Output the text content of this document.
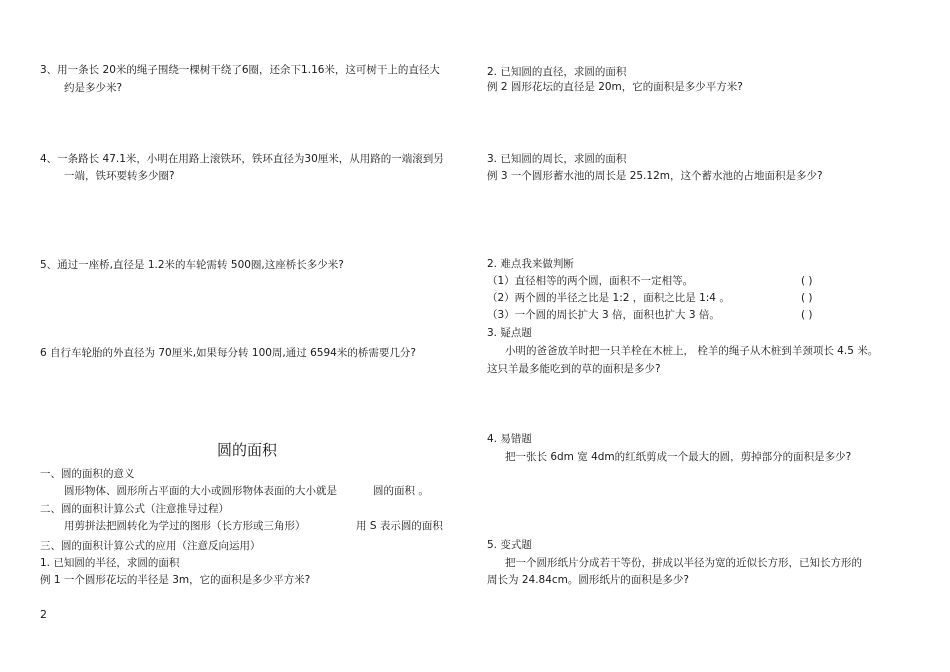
3、用一条长 20米的绳子围绕一棵树干绕了6圈，还余下1.16米，这可树干上的直径大
约是多少米?
4、一条路长 47.1米，小明在用路上滚铁环，铁环直径为30厘米，从用路的一端滚到另
一端，铁环要转多少圈?
5、通过一座桥,直径是 1.2米的车轮需转 500圈,这座桥长多少米?
6 自行车轮胎的外直径为 70厘米,如果每分转 100周,通过 6594米的桥需要几分?
圆的面积
一、圆的面积的意义
圆形物体、圆形所占平面的大小或圆形物体表面的大小就是	圆的面积 。
二、圆的面积计算公式（注意推导过程）
用剪拼法把圆转化为学过的图形（长方形或三角形）	用 S 表示圆的面积
三、圆的面积计算公式的应用（注意反向运用）
1. 已知圆的半径，求圆的面积
例 1 一个圆形花坛的半径是 3m，它的面积是多少平方米?
2
2. 已知圆的直径，求圆的面积
例 2 圆形花坛的直径是 20m，它的面积是多少平方米?
3. 已知圆的周长，求圆的面积
例 3 一个圆形蓄水池的周长是 25.12m，这个蓄水池的占地面积是多少?
2. 难点我来做判断
（1）直径相等的两个圆，面积不一定相等。	( )
（2）两个圆的半径之比是 1:2 ，面积之比是 1:4 。	( )
（3）一个圆的周长扩大 3 倍，面积也扩大 3 倍。	( )
3. 疑点题
小明的爸爸放羊时把一只羊栓在木桩上， 栓羊的绳子从木桩到羊颈项长 4.5 米。
这只羊最多能吃到的草的面积是多少?
4. 易错题
把一张长 6dm 宽 4dm的红纸剪成一个最大的圆，剪掉部分的面积是多少?
5. 变式题
把一个圆形纸片分成若干等份，拼成以半径为宽的近似长方形，已知长方形的
周长为 24.84cm。圆形纸片的面积是多少?
